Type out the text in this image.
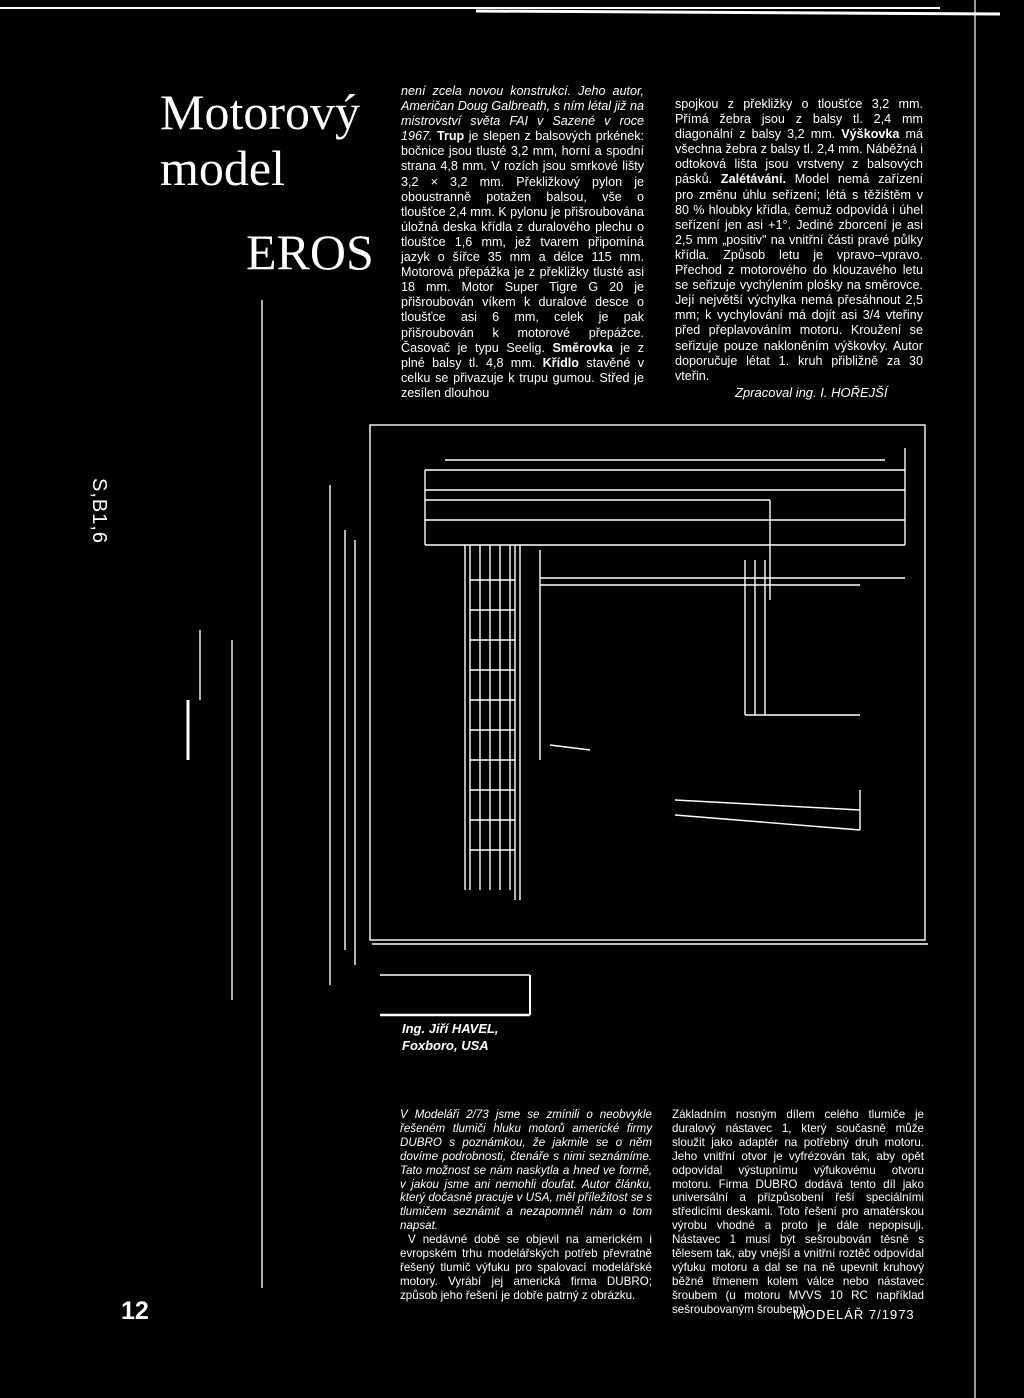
Motorový
model
EROS
S,B1,6

není zcela novou konstrukcí. Jeho autor, Američan Doug Galbreath, s ním létal již na mistrovství světa FAI v Sazené v roce 1967. Trup je slepen z balsových prkének: bočnice jsou tlusté 3,2 mm, horní a spodní strana 4,8 mm. V rozích jsou smrkové lišty 3,2 × 3,2 mm. Překližkový pylon je oboustranně potažen balsou, vše o tloušťce 2,4 mm. K pylonu je přišroubována úložná deska křídla z duralového plechu o tloušťce 1,6 mm, jež tvarem připomíná jazyk o šířce 35 mm a délce 115 mm. Motorová přepážka je z překližky tlusté asi 18 mm. Motor Super Tigre G 20 je přišroubován víkem k duralové desce o tloušťce asi 6 mm, celek je pak přišroubován k motorové přepážce. Časovač je typu Seelig. Směrovka je z plné balsy tl. 4,8 mm. Křídlo stavěné v celku se přivazuje k trupu gumou. Střed je zesílen dlouhou

spojkou z překližky o tloušťce 3,2 mm. Přímá žebra jsou z balsy tl. 2,4 mm diagonální z balsy 3,2 mm. Výškovka má všechna žebra z balsy tl. 2,4 mm. Náběžná i odtoková lišta jsou vrstveny z balsových pásků. Zalétávání. Model nemá zařízení pro změnu úhlu seřízení; létá s těžištěm v 80 % hloubky křídla, čemuž odpovídá i úhel seřízení jen asi +1°. Jediné zborcení je asi 2,5 mm „positiv" na vnitřní části pravé půlky křídla. Způsob letu je vpravo–vpravo. Přechod z motorového do klouzavého letu se seřizuje vychýlením plošky na směrovce. Její největší výchylka nemá přesáhnout 2,5 mm; k vychylování má dojít asi 3/4 vteřiny před přeplavováním motoru. Kroužení se seřizuje pouze nakloněním výškovky. Autor doporučuje létat 1. kruh přibližně za 30 vteřin.

Zpracoval ing. I. HOŘEJŠÍ
Ing. Jiří HAVEL,
Foxboro, USA

V Modeláři 2/73 jsme se zmínili o neobvykle řešeném tlumiči hluku motorů americké firmy DUBRO s poznámkou, že jakmile se o něm dovíme podrobnosti, čtenáře s nimi seznámíme. Tato možnost se nám naskytla a hned ve formě, v jakou jsme ani nemohli doufat. Autor článku, který dočasně pracuje v USA, měl příležitost se s tlumičem seznámit a nezapomněl nám o tom napsat.

V nedávné době se objevil na americkém i evropském trhu modelářských potřeb převratně řešený tlumič výfuku pro spalovací modelářské motory. Vyrábí jej americká firma DUBRO; způsob jeho řešení je dobře patrný z obrázku.

Základním nosným dílem celého tlumiče je duralový nástavec 1, který současně může sloužit jako adaptér na potřebný druh motoru. Jeho vnitřní otvor je vyfrézován tak, aby opět odpovídal výstupnímu výfukovému otvoru motoru. Firma DUBRO dodává tento díl jako universální a přizpůsobení řeší speciálními středicími deskami. Toto řešení pro amatérskou výrobu vhodné a proto je dále nepopisuji. Nástavec 1 musí být sešroubován těsně s tělesem tak, aby vnější a vnitřní roztěč odpovídal výfuku motoru a dal se na ně upevnit kruhový běžně třmenem kolem válce nebo nástavec šroubem (u motoru MVVS 10 RC například sešroubovaným šroubem).

12	MODELÁŘ 7/1973
